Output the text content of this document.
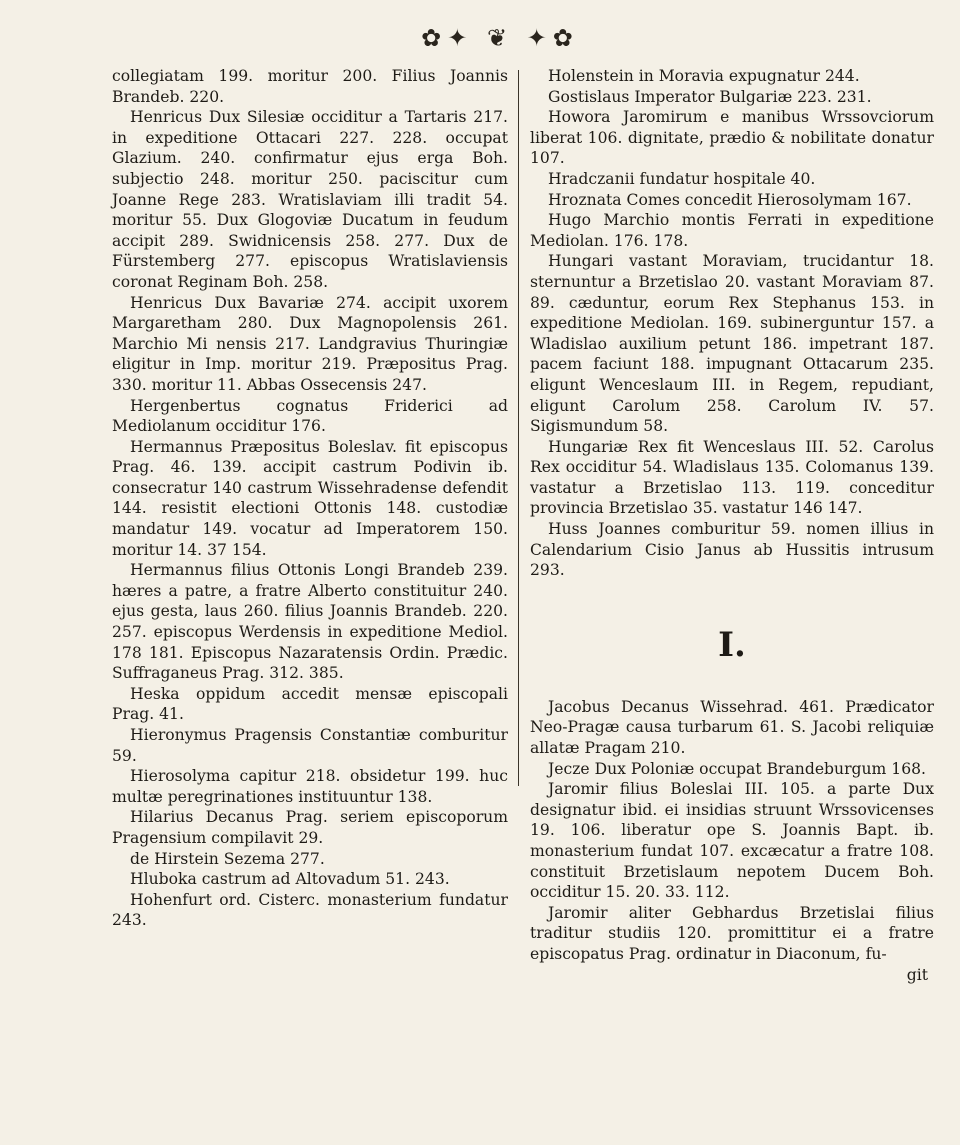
✿✦ ❦ ✦✿

collegiatam 199. moritur 200. Filius Joannis Brandeb. 220.

Henricus Dux Silesiæ occiditur a Tartaris 217. in expeditione Ottacari 227. 228. occupat Glazium. 240. confirmatur ejus erga Boh. subjectio 248. moritur 250. paciscitur cum Joanne Rege 283. Wratislaviam illi tradit 54. moritur 55. Dux Glogoviæ Ducatum in feudum accipit 289. Swidnicensis 258. 277. Dux de Fürstemberg 277. episcopus Wratislaviensis coronat Reginam Boh. 258.

Henricus Dux Bavariæ 274. accipit uxorem Margaretham 280. Dux Magnopolensis 261. Marchio Mi nensis 217. Landgravius Thuringiæ eligitur in Imp. moritur 219. Præpositus Prag. 330. moritur 11. Abbas Ossecensis 247.

Hergenbertus cognatus Friderici ad Mediolanum occiditur 176.

Hermannus Præpositus Boleslav. fit episcopus Prag. 46. 139. accipit castrum Podivin ib. consecratur 140 castrum Wissehradense defendit 144. resistit electioni Ottonis 148. custodiæ mandatur 149. vocatur ad Imperatorem 150. moritur 14. 37 154.

Hermannus filius Ottonis Longi Brandeb 239. hæres a patre, a fratre Alberto constituitur 240. ejus gesta, laus 260. filius Joannis Brandeb. 220. 257. episcopus Werdensis in expeditione Mediol. 178 181. Episcopus Nazaratensis Ordin. Prædic. Suffraganeus Prag. 312. 385.

Heska oppidum accedit mensæ episcopali Prag. 41.

Hieronymus Pragensis Constantiæ comburitur 59.

Hierosolyma capitur 218. obsidetur 199. huc multæ peregrinationes instituuntur 138.

Hilarius Decanus Prag. seriem episcoporum Pragensium compilavit 29.

de Hirstein Sezema 277.

Hluboka castrum ad Altovadum 51. 243.

Hohenfurt ord. Cisterc. monasterium fundatur 243.

Holenstein in Moravia expugnatur 244.

Gostislaus Imperator Bulgariæ 223. 231.

Howora Jaromirum e manibus Wrssovciorum liberat 106. dignitate, prædio & nobilitate donatur 107.

Hradczanii fundatur hospitale 40.

Hroznata Comes concedit Hierosolymam 167.

Hugo Marchio montis Ferrati in expeditione Mediolan. 176. 178.

Hungari vastant Moraviam, trucidantur 18. sternuntur a Brzetislao 20. vastant Moraviam 87. 89. cæduntur, eorum Rex Stephanus 153. in expeditione Mediolan. 169. subinerguntur 157. a Wladislao auxilium petunt 186. impetrant 187. pacem faciunt 188. impugnant Ottacarum 235. eligunt Wenceslaum III. in Regem, repudiant, eligunt Carolum 258. Carolum IV. 57. Sigismundum 58.

Hungariæ Rex fit Wenceslaus III. 52. Carolus Rex occiditur 54. Wladislaus 135. Colomanus 139. vastatur a Brzetislao 113. 119. conceditur provincia Brzetislao 35. vastatur 146 147.

Huss Joannes comburitur 59. nomen illius in Calendarium Cisio Janus ab Hussitis intrusum 293.

I.

Jacobus Decanus Wissehrad. 461. Prædicator Neo-Pragæ causa turbarum 61. S. Jacobi reliquiæ allatæ Pragam 210.

Jecze Dux Poloniæ occupat Brandeburgum 168.

Jaromir filius Boleslai III. 105. a parte Dux designatur ibid. ei insidias struunt Wrssovicenses 19. 106. liberatur ope S. Joannis Bapt. ib. monasterium fundat 107. excæcatur a fratre 108. constituit Brzetislaum nepotem Ducem Boh. occiditur 15. 20. 33. 112.

Jaromir aliter Gebhardus Brzetislai filius traditur studiis 120. promittitur ei a fratre episcopatus Prag. ordinatur in Diaconum, fu-

git
